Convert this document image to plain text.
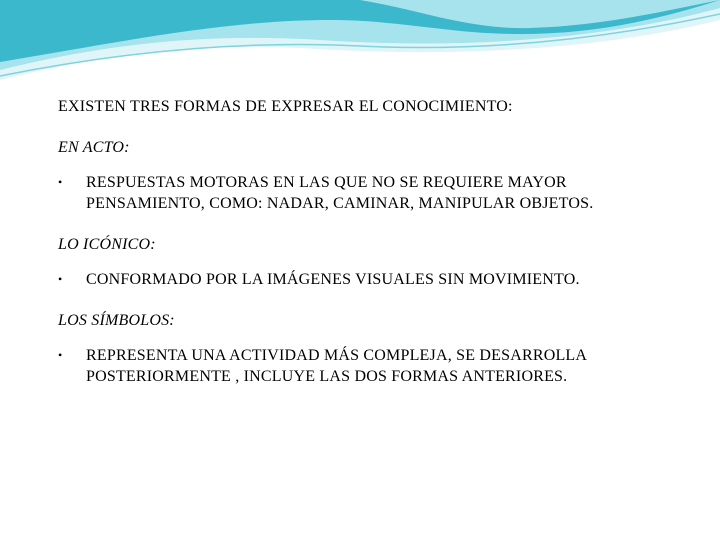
EXISTEN TRES FORMAS DE EXPRESAR EL CONOCIMIENTO:

EN ACTO:

•	RESPUESTAS MOTORAS EN LAS QUE NO SE REQUIERE MAYOR PENSAMIENTO, COMO: NADAR, CAMINAR, MANIPULAR OBJETOS.

LO ICÓNICO:

•	CONFORMADO POR LA IMÁGENES VISUALES SIN MOVIMIENTO.

LOS SÍMBOLOS:

•	REPRESENTA UNA ACTIVIDAD MÁS COMPLEJA, SE DESARROLLA POSTERIORMENTE , INCLUYE LAS DOS FORMAS ANTERIORES.
